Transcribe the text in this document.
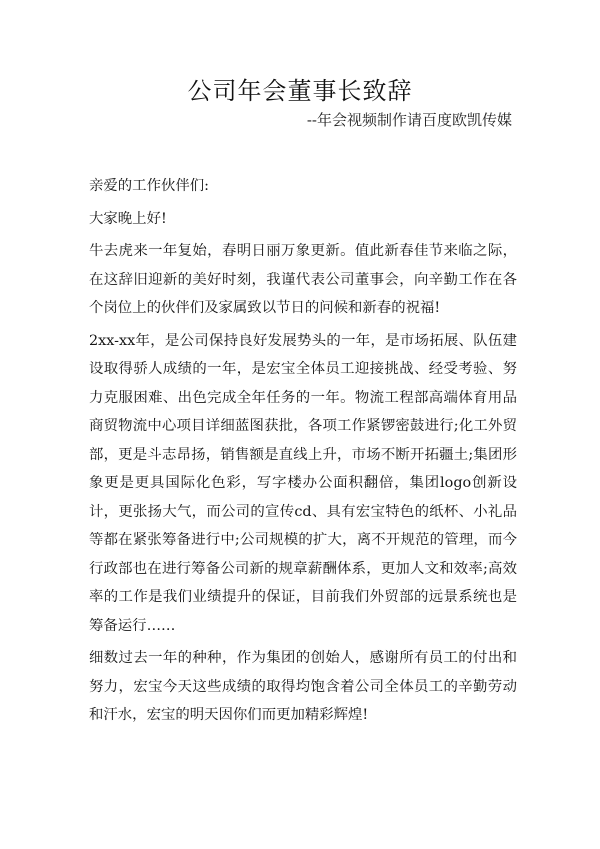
公司年会董事长致辞
--年会视频制作请百度欧凯传媒

亲爱的工作伙伴们:

大家晚上好!

牛去虎来一年复始，春明日丽万象更新。值此新春佳节来临之际，在这辞旧迎新的美好时刻，我谨代表公司董事会，向辛勤工作在各个岗位上的伙伴们及家属致以节日的问候和新春的祝福!

2xx-xx年，是公司保持良好发展势头的一年，是市场拓展、队伍建设取得骄人成绩的一年，是宏宝全体员工迎接挑战、经受考验、努力克服困难、出色完成全年任务的一年。物流工程部高端体育用品商贸物流中心项目详细蓝图获批，各项工作紧锣密鼓进行;化工外贸部，更是斗志昂扬，销售额是直线上升，市场不断开拓疆土;集团形象更是更具国际化色彩，写字楼办公面积翻倍，集团logo创新设计，更张扬大气，而公司的宣传cd、具有宏宝特色的纸杯、小礼品等都在紧张筹备进行中;公司规模的扩大，离不开规范的管理，而今行政部也在进行筹备公司新的规章薪酬体系，更加人文和效率;高效率的工作是我们业绩提升的保证，目前我们外贸部的远景系统也是筹备运行……

细数过去一年的种种，作为集团的创始人，感谢所有员工的付出和努力，宏宝今天这些成绩的取得均饱含着公司全体员工的辛勤劳动和汗水，宏宝的明天因你们而更加精彩辉煌!
